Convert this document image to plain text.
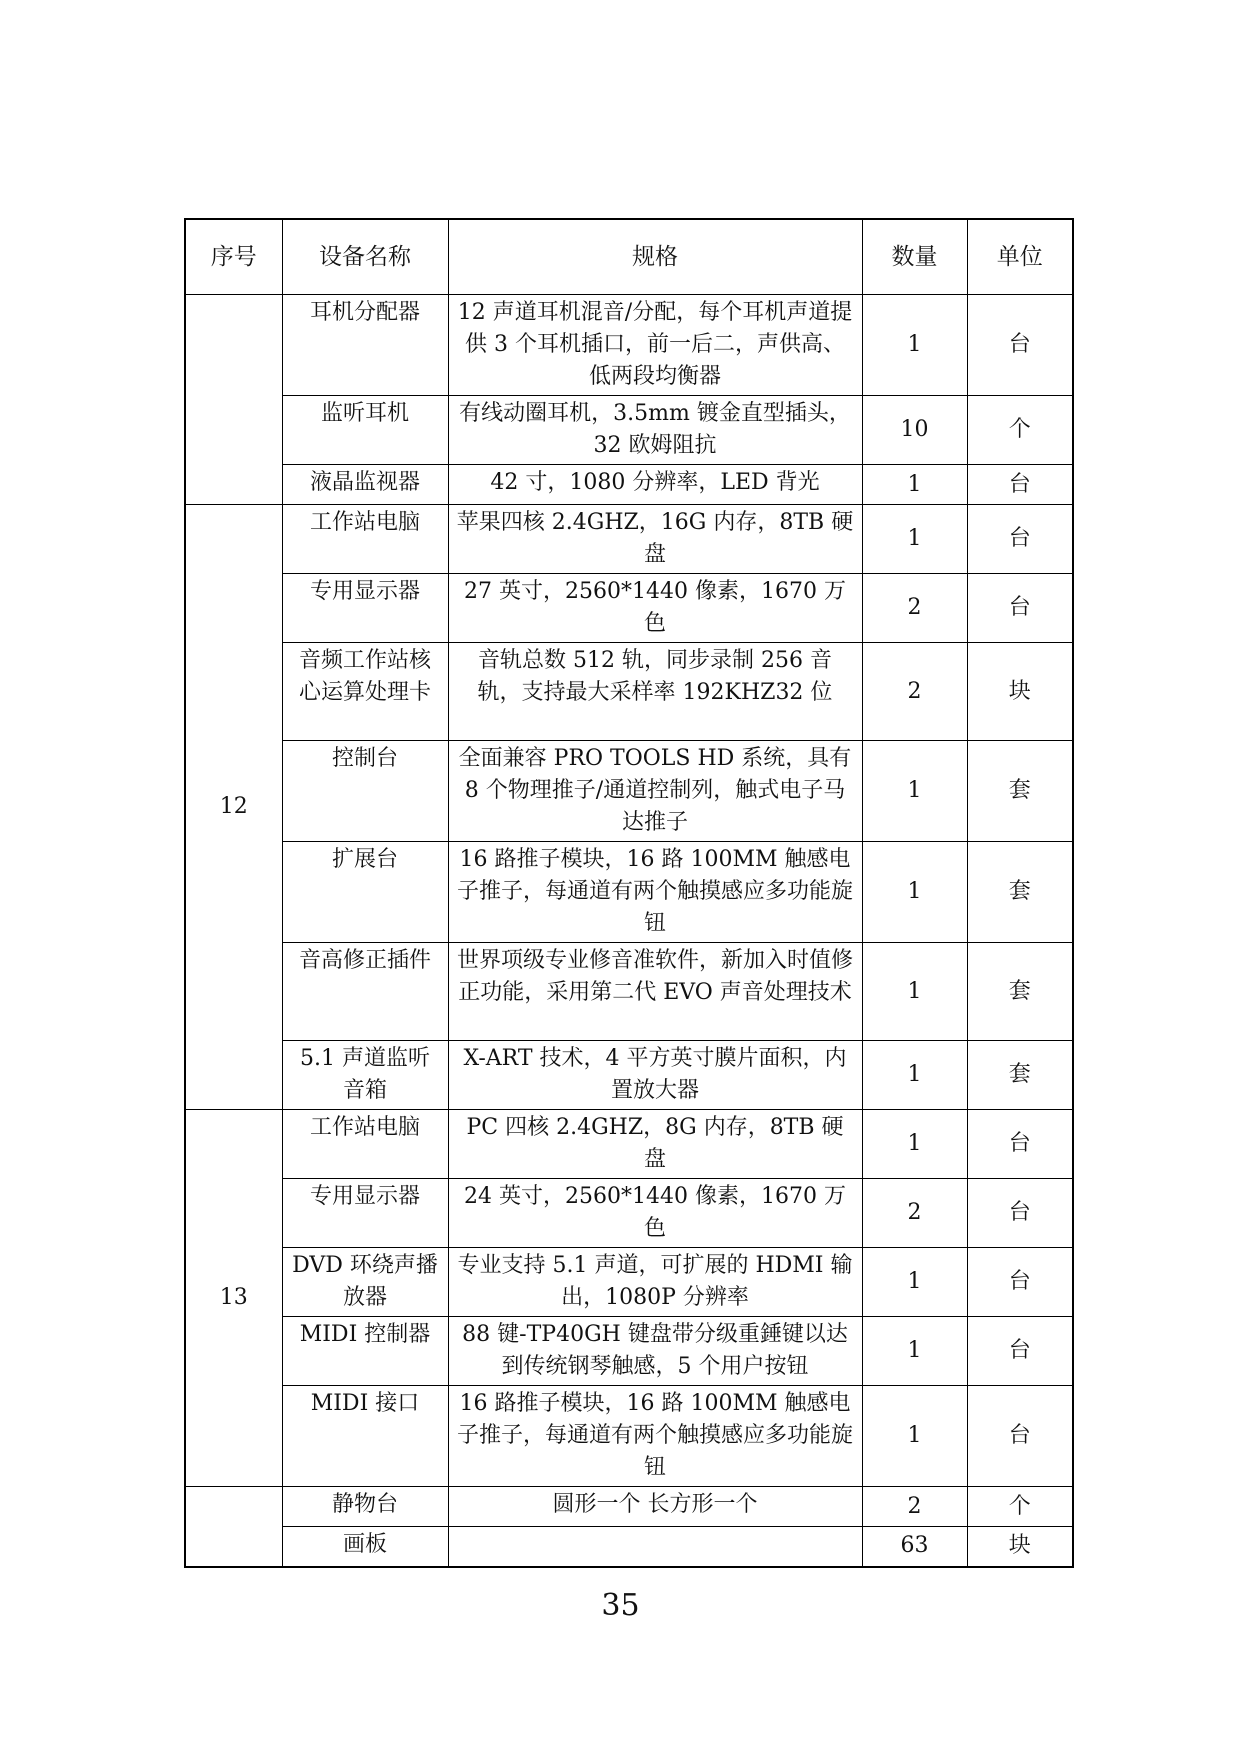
序号	设备名称	规格	数量	单位
	耳机分配器	12 声道耳机混音/分配，每个耳机声道提供 3 个耳机插口，前一后二，声供高、低两段均衡器	1	台
	监听耳机	有线动圈耳机，3.5mm 镀金直型插头，32 欧姆阻抗	10	个
	液晶监视器	42 寸，1080 分辨率，LED 背光	1	台
12	工作站电脑	苹果四核 2.4GHZ，16G 内存，8TB 硬盘	1	台
	专用显示器	27 英寸，2560*1440 像素，1670 万色	2	台
	音频工作站核心运算处理卡	音轨总数 512 轨，同步录制 256 音轨，支持最大采样率 192KHZ32 位	2	块
	控制台	全面兼容 PRO TOOLS HD 系统，具有 8 个物理推子/通道控制列，触式电子马达推子	1	套
	扩展台	16 路推子模块，16 路 100MM 触感电子推子，每通道有两个触摸感应多功能旋钮	1	套
	音高修正插件	世界项级专业修音准软件，新加入时值修正功能，采用第二代 EVO 声音处理技术	1	套
	5.1 声道监听音箱	X-ART 技术，4 平方英寸膜片面积，内置放大器	1	套
13	工作站电脑	PC 四核 2.4GHZ，8G 内存，8TB 硬盘	1	台
	专用显示器	24 英寸，2560*1440 像素，1670 万色	2	台
	DVD 环绕声播放器	专业支持 5.1 声道，可扩展的 HDMI 输出，1080P 分辨率	1	台
	MIDI 控制器	88 键-TP40GH 键盘带分级重錘键以达到传统钢琴触感，5 个用户按钮	1	台
	MIDI 接口	16 路推子模块，16 路 100MM 触感电子推子，每通道有两个触摸感应多功能旋钮	1	台
	静物台	圆形一个 长方形一个	2	个
	画板		63	块
35
